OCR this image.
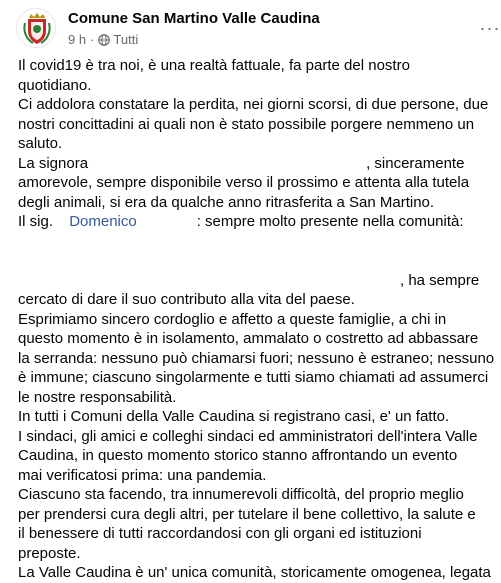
Comune San Martino Valle Caudina
9 h · Tutti
···
Il covid19 è tra noi, è una realtà fattuale, fa parte del nostro
quotidiano.
Ci addolora constatare la perdita, nei giorni scorsi, di due persone, due
nostri concittadini ai quali non è stato possibile porgere nemmeno un
saluto.
La signora	, sinceramente
amorevole, sempre disponibile verso il prossimo e attenta alla tutela
degli animali, si era da qualche anno ritrasferita a San Martino.
Il sig. Domenico	: sempre molto presente nella comunità:
, ha sempre
cercato di dare il suo contributo alla vita del paese.
Esprimiamo sincero cordoglio e affetto a queste famiglie, a chi in
questo momento è in isolamento, ammalato o costretto ad abbassare
la serranda: nessuno può chiamarsi fuori; nessuno è estraneo; nessuno
è immune; ciascuno singolarmente e tutti siamo chiamati ad assumerci
le nostre responsabilità.
In tutti i Comuni della Valle Caudina si registrano casi, e' un fatto.
I sindaci, gli amici e colleghi sindaci ed amministratori dell'intera Valle
Caudina, in questo momento storico stanno affrontando un evento
mai verificatosi prima: una pandemia.
Ciascuno sta facendo, tra innumerevoli difficoltà, del proprio meglio
per prendersi cura degli altri, per tutelare il bene collettivo, la salute e
il benessere di tutti raccordandosi con gli organi ed istituzioni
preposte.
La Valle Caudina è un' unica comunità, storicamente omogenea, legata
